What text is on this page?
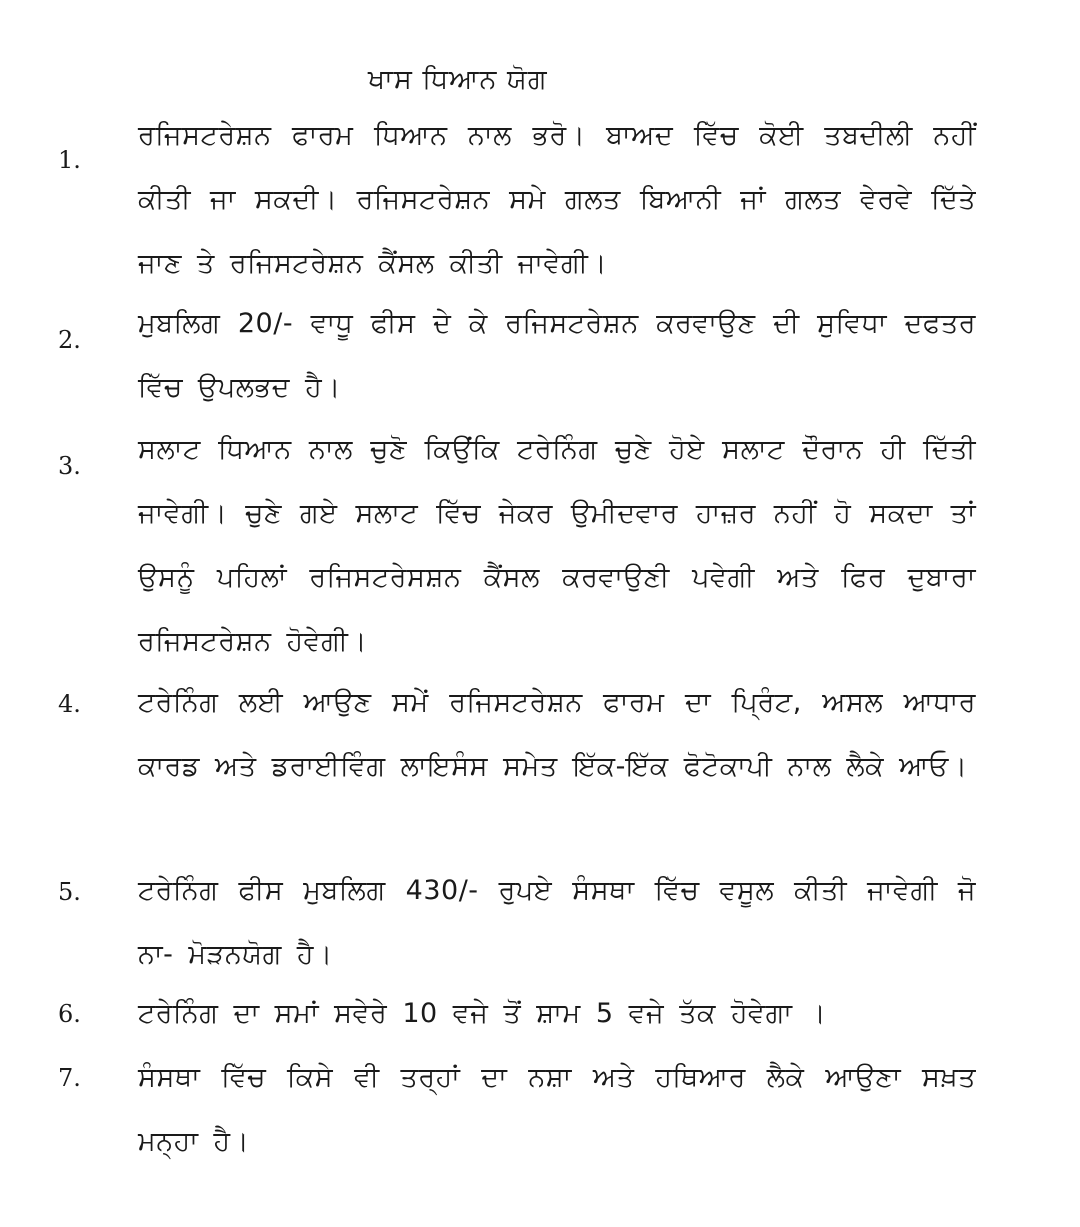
ਖਾਸ ਧਿਆਨ ਯੋਗ
1.

ਰਜਿਸਟਰੇਸ਼ਨ ਫਾਰਮ ਧਿਆਨ ਨਾਲ ਭਰੋ। ਬਾਅਦ ਵਿੱਚ ਕੋਈ ਤਬਦੀਲੀ ਨਹੀਂ ਕੀਤੀ ਜਾ ਸਕਦੀ। ਰਜਿਸਟਰੇਸ਼ਨ ਸਮੇ ਗਲਤ ਬਿਆਨੀ ਜਾਂ ਗਲਤ ਵੇਰਵੇ ਦਿੱਤੇ ਜਾਣ ਤੇ ਰਜਿਸਟਰੇਸ਼ਨ ਕੈਂਸਲ ਕੀਤੀ ਜਾਵੇਗੀ।

2.

ਮੁਬਲਿਗ 20/- ਵਾਧੂ ਫੀਸ ਦੇ ਕੇ ਰਜਿਸਟਰੇਸ਼ਨ ਕਰਵਾਉਣ ਦੀ ਸੁਵਿਧਾ ਦਫਤਰ ਵਿੱਚ ਉਪਲਭਦ ਹੈ।

3.

ਸਲਾਟ ਧਿਆਨ ਨਾਲ ਚੁਣੋ ਕਿਉਂਕਿ ਟਰੇਨਿੰਗ ਚੁਣੇ ਹੋਏ ਸਲਾਟ ਦੌਰਾਨ ਹੀ ਦਿੱਤੀ ਜਾਵੇਗੀ। ਚੁਣੇ ਗਏ ਸਲਾਟ ਵਿੱਚ ਜੇਕਰ ਉਮੀਦਵਾਰ ਹਾਜ਼ਰ ਨਹੀਂ ਹੋ ਸਕਦਾ ਤਾਂ ਉਸਨੂੰ ਪਹਿਲਾਂ ਰਜਿਸਟਰੇਸਸ਼ਨ ਕੈਂਸਲ ਕਰਵਾਉਣੀ ਪਵੇਗੀ ਅਤੇ ਫਿਰ ਦੁਬਾਰਾ ਰਜਿਸਟਰੇਸ਼ਨ ਹੋਵੇਗੀ।

4. ਟਰੇਨਿੰਗ ਲਈ ਆਉਣ ਸਮੇਂ ਰਜਿਸਟਰੇਸ਼ਨ ਫਾਰਮ ਦਾ ਪ੍ਰਿੰਟ, ਅਸਲ ਆਧਾਰ ਕਾਰਡ ਅਤੇ ਡਰਾਈਵਿੰਗ ਲਾਇਸੰਸ ਸਮੇਤ ਇੱਕ-ਇੱਕ ਫੋਟੋਕਾਪੀ ਨਾਲ ਲੈਕੇ ਆਓ।

5. ਟਰੇਨਿੰਗ ਫੀਸ ਮੁਬਲਿਗ 430/- ਰੁਪਏ ਸੰਸਥਾ ਵਿੱਚ ਵਸੂਲ ਕੀਤੀ ਜਾਵੇਗੀ ਜੋ ਨਾ- ਮੋੜਨਯੋਗ ਹੈ।

6. ਟਰੇਨਿੰਗ ਦਾ ਸਮਾਂ ਸਵੇਰੇ 10 ਵਜੇ ਤੋਂ ਸ਼ਾਮ 5 ਵਜੇ ਤੱਕ ਹੋਵੇਗਾ ।

7. ਸੰਸਥਾ ਵਿੱਚ ਕਿਸੇ ਵੀ ਤਰ੍ਹਾਂ ਦਾ ਨਸ਼ਾ ਅਤੇ ਹਥਿਆਰ ਲੈਕੇ ਆਉਣਾ ਸਖ਼ਤ ਮਨ੍ਹਾ ਹੈ।
